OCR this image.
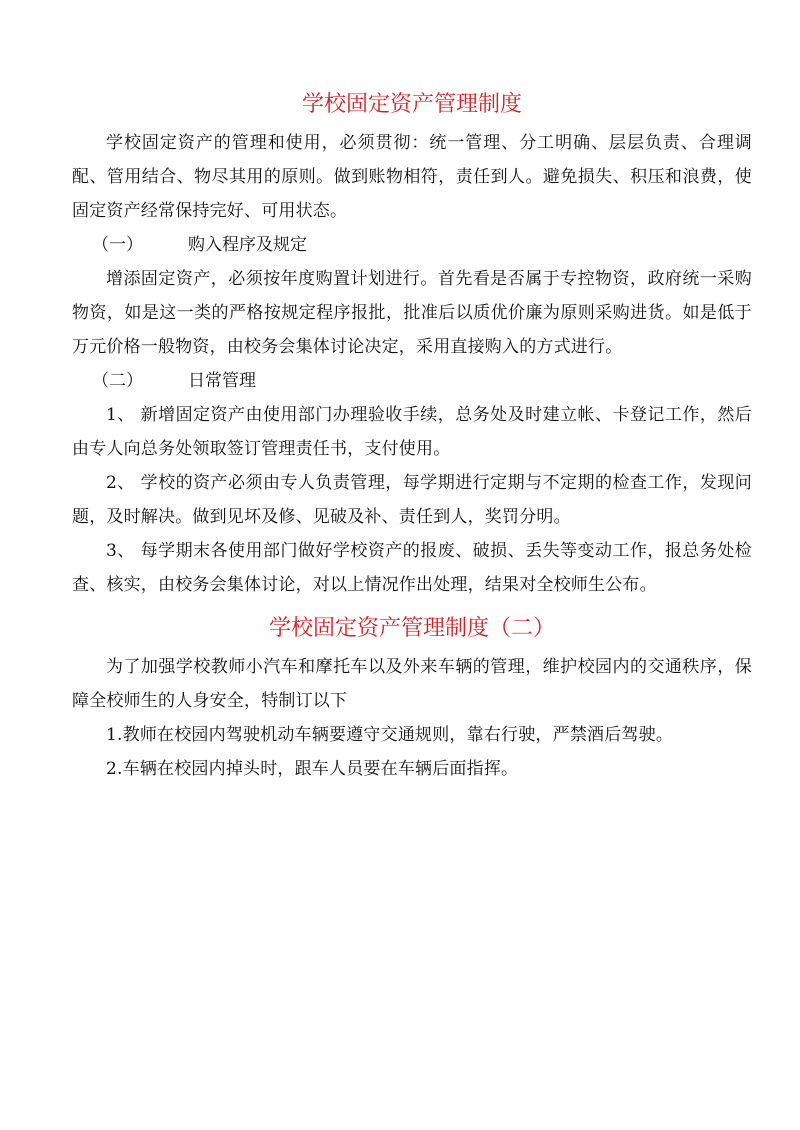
学校固定资产管理制度

学校固定资产的管理和使用，必须贯彻：统一管理、分工明确、层层负责、合理调配、管用结合、物尽其用的原则。做到账物相符，责任到人。避免损失、积压和浪费，使固定资产经常保持完好、可用状态。

（一）	购入程序及规定

增添固定资产，必须按年度购置计划进行。首先看是否属于专控物资，政府统一采购物资，如是这一类的严格按规定程序报批，批准后以质优价廉为原则采购进货。如是低于 万元价格一般物资，由校务会集体讨论决定，采用直接购入的方式进行。

（二）	日常管理

1、 新增固定资产由使用部门办理验收手续，总务处及时建立帐、卡登记工作，然后由专人向总务处领取签订管理责任书，支付使用。

2、 学校的资产必须由专人负责管理，每学期进行定期与不定期的检查工作，发现问题，及时解决。做到见坏及修、见破及补、责任到人，奖罚分明。

3、 每学期末各使用部门做好学校资产的报废、破损、丢失等变动工作，报总务处检查、核实，由校务会集体讨论，对以上情况作出处理，结果对全校师生公布。

学校固定资产管理制度（二）

为了加强学校教师小汽车和摩托车以及外来车辆的管理，维护校园内的交通秩序，保障全校师生的人身安全，特制订以下

1.教师在校园内驾驶机动车辆要遵守交通规则，靠右行驶，严禁酒后驾驶。

2.车辆在校园内掉头时，跟车人员要在车辆后面指挥。
